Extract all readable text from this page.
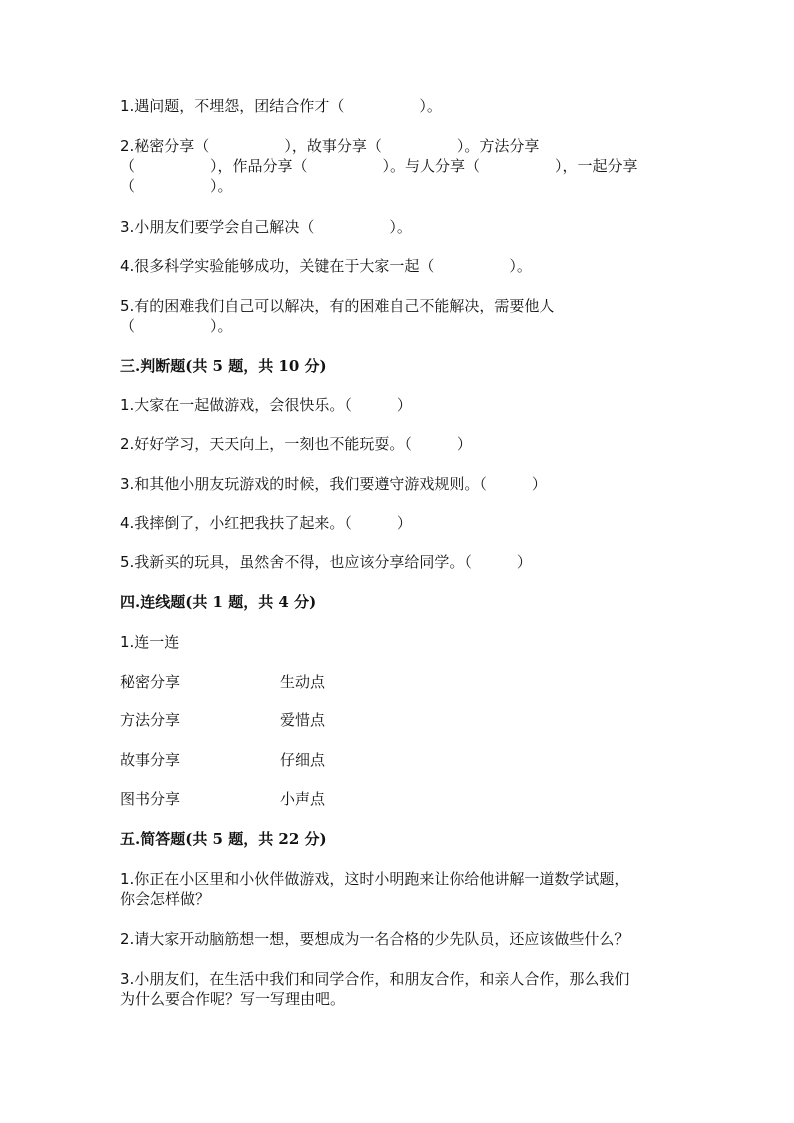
1.遇问题，不埋怨，团结合作才（　　　　　）。
2.秘密分享（　　　　　），故事分享（　　　　　）。方法分享
（　　　　　），作品分享（　　　　　）。与人分享（　　　　　），一起分享
（　　　　　）。
3.小朋友们要学会自己解决（　　　　　）。
4.很多科学实验能够成功，关键在于大家一起（　　　　　）。
5.有的困难我们自己可以解决，有的困难自己不能解决，需要他人
（　　　　　）。
三.判断题(共 5 题，共 10 分)
1.大家在一起做游戏，会很快乐。（　　　）
2.好好学习，天天向上，一刻也不能玩耍。（　　　）
3.和其他小朋友玩游戏的时候，我们要遵守游戏规则。（　　　）
4.我摔倒了，小红把我扶了起来。（　　　）
5.我新买的玩具，虽然舍不得，也应该分享给同学。（　　　）
四.连线题(共 1 题，共 4 分)
1.连一连
秘密分享	生动点
方法分享	爱惜点
故事分享	仔细点
图书分享	小声点
五.简答题(共 5 题，共 22 分)
1.你正在小区里和小伙伴做游戏，这时小明跑来让你给他讲解一道数学试题，
你会怎样做？
2.请大家开动脑筋想一想，要想成为一名合格的少先队员，还应该做些什么？
3.小朋友们，在生活中我们和同学合作，和朋友合作，和亲人合作，那么我们
为什么要合作呢？写一写理由吧。
